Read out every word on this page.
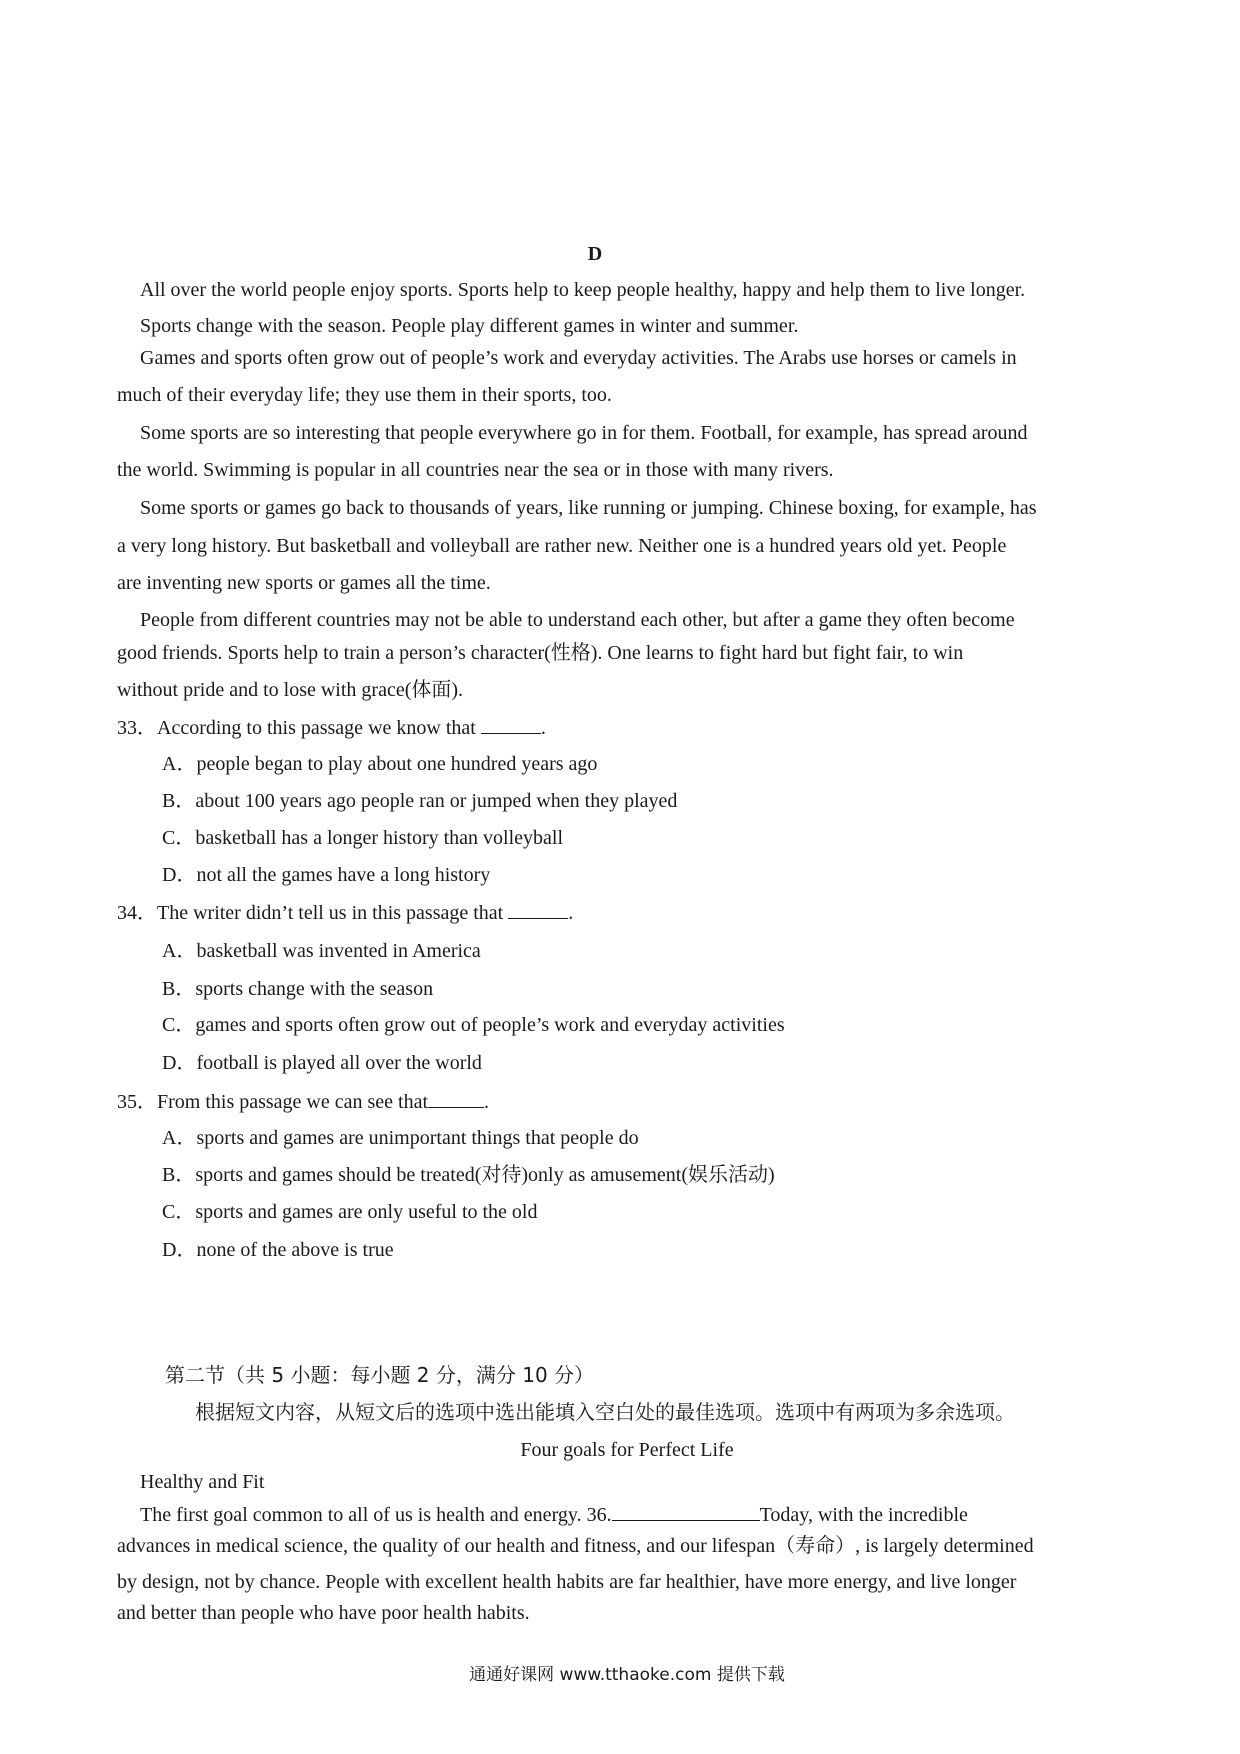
D
All over the world people enjoy sports. Sports help to keep people healthy, happy and help them to live longer.
Sports change with the season. People play different games in winter and summer.
Games and sports often grow out of people’s work and everyday activities. The Arabs use horses or camels in
much of their everyday life; they use them in their sports, too.
Some sports are so interesting that people everywhere go in for them. Football, for example, has spread around
the world. Swimming is popular in all countries near the sea or in those with many rivers.
Some sports or games go back to thousands of years, like running or jumping. Chinese boxing, for example, has
a very long history. But basketball and volleyball are rather new. Neither one is a hundred years old yet. People
are inventing new sports or games all the time.
People from different countries may not be able to understand each other, but after a game they often become
good friends. Sports help to train a person’s character(性格). One learns to fight hard but fight fair, to win
without pride and to lose with grace(体面).
33．According to this passage we know that	.
A．people began to play about one hundred years ago
B．about 100 years ago people ran or jumped when they played
C．basketball has a longer history than volleyball
D．not all the games have a long history
34．The writer didn’t tell us in this passage that	.
A．basketball was invented in America
B．sports change with the season
C．games and sports often grow out of people’s work and everyday activities
D．football is played all over the world
35．From this passage we can see that	.
A．sports and games are unimportant things that people do
B．sports and games should be treated(对待)only as amusement(娱乐活动)
C．sports and games are only useful to the old
D．none of the above is true
第二节（共 5 小题：每小题 2 分，满分 10 分）
根据短文内容，从短文后的选项中选出能填入空白处的最佳选项。选项中有两项为多余选项。
Four goals for Perfect Life
Healthy and Fit
The first goal common to all of us is health and energy. 36.	Today, with the incredible
advances in medical science, the quality of our health and fitness, and our lifespan（寿命）, is largely determined
by design, not by chance. People with excellent health habits are far healthier, have more energy, and live longer
and better than people who have poor health habits.
通通好课网 www.tthaoke.com 提供下载
